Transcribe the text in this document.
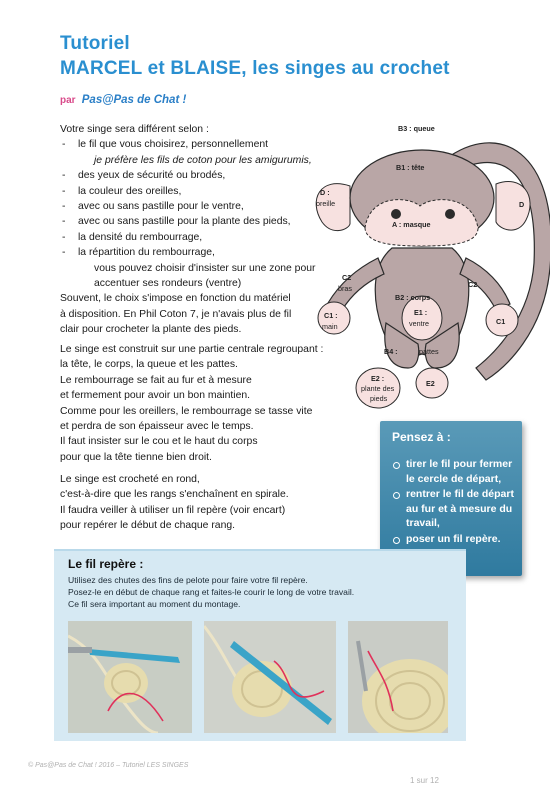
Tutoriel
MARCEL et BLAISE, les singes au crochet
par Pas@Pas de Chat !

Votre singe sera différent selon :

- le fil que vous choisirez, personnellement
je préfère les fils de coton pour les amigurumis,
- des yeux de sécurité ou brodés,
- la couleur des oreilles,
- avec ou sans pastille pour le ventre,
- avec ou sans pastille pour la plante des pieds,
- la densité du rembourrage,
- la répartition du rembourrage,
vous pouvez choisir d'insister sur une zone pour
accentuer ses rondeurs (ventre)

Souvent, le choix s'impose en fonction du matériel

à disposition. En Phil Coton 7, je n'avais plus de fil

clair pour crocheter la plante des pieds.

Le singe est construit sur une partie centrale regroupant :

la tête, le corps, la queue et les pattes.

Le rembourrage se fait au fur et à mesure

et fermement pour avoir un bon maintien.

Comme pour les oreillers, le rembourrage se tasse vite

et perdra de son épaisseur avec le temps.

Il faut insister sur le cou et le haut du corps

pour que la tête tienne bien droit.

Le singe est crocheté en rond,

c'est-à-dire que les rangs s'enchaînent en spirale.

Il faudra veiller à utiliser un fil repère (voir encart)

pour repérer le début de chaque rang.

B3 : queue
B1 : tête
D :
oreille	D
A : masque
C2
bras	C2
B2 : corps
C1 :
main
E1 :
ventre	C1
B4 :	pattes
E2 :
plante des
pieds
E2
Pensez à :
tirer le fil pour fermer le cercle de départ,
rentrer le fil de départ au fur et à mesure du travail,
poser un fil repère.
Le fil repère :
Utilisez des chutes des fins de pelote pour faire votre fil repère.
Posez-le en début de chaque rang et faites-le courir le long de votre travail.
Ce fil sera important au moment du montage.
© Pas@Pas de Chat ! 2016 – Tutoriel LES SINGES
1 sur 12
